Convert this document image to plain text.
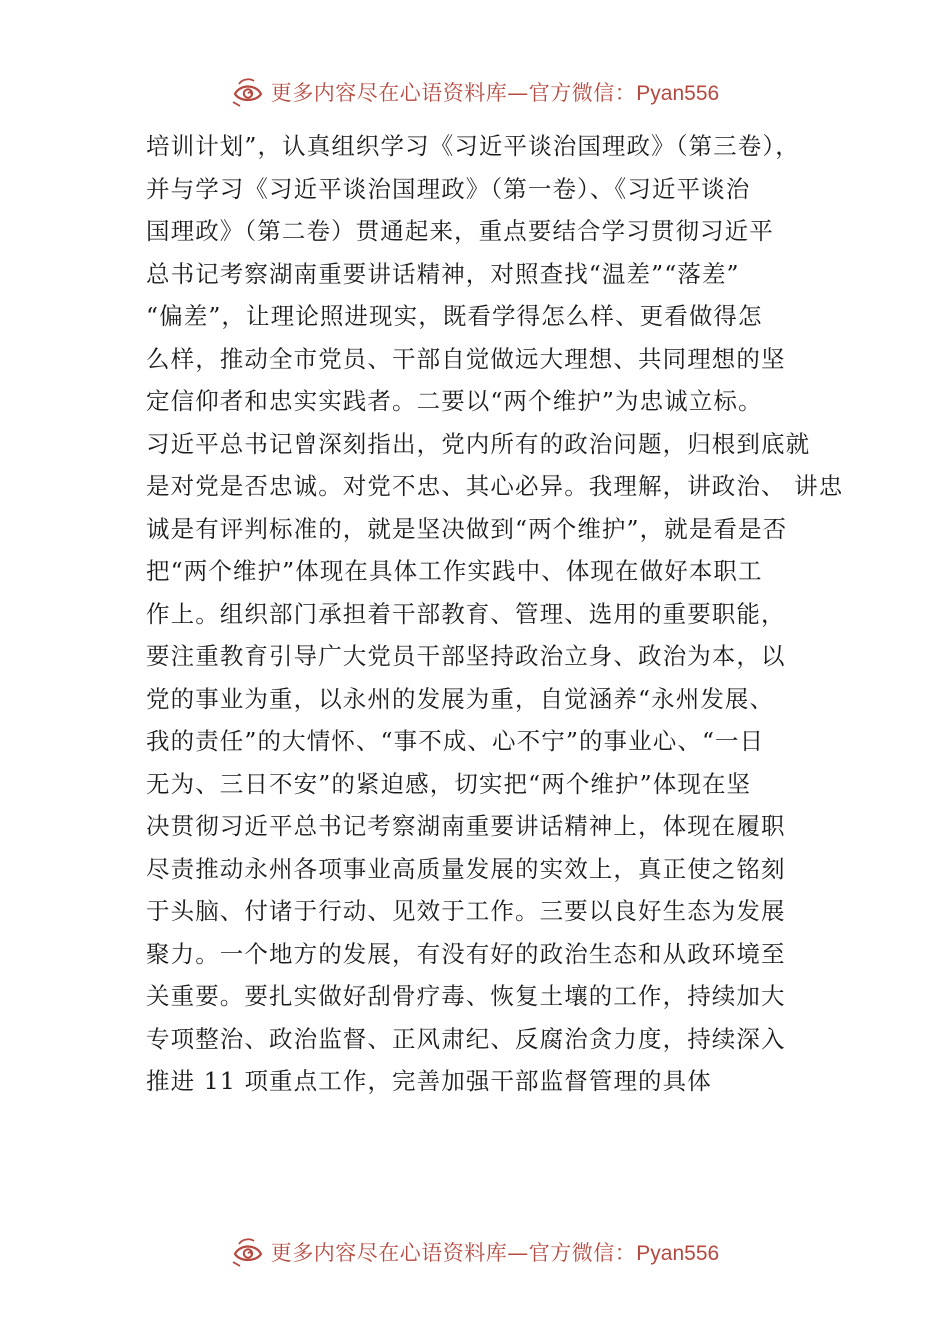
更多内容尽在心语资料库—官方微信：Pyan556
培训计划”，认真组织学习《习近平谈治国理政》（第三卷），
并与学习《习近平谈治国理政》（第一卷）、《习近平谈治
国理政》（第二卷）贯通起来，重点要结合学习贯彻习近平
总书记考察湖南重要讲话精神，对照查找“温差”“落差”
“偏差”，让理论照进现实，既看学得怎么样、更看做得怎
么样，推动全市党员、干部自觉做远大理想、共同理想的坚
定信仰者和忠实实践者。二要以“两个维护”为忠诚立标。
习近平总书记曾深刻指出，党内所有的政治问题，归根到底就
是对党是否忠诚。对党不忠、其心必异。我理解，讲政治、 讲忠
诚是有评判标准的，就是坚决做到“两个维护”，就是看是否
把“两个维护”体现在具体工作实践中、体现在做好本职工
作上。组织部门承担着干部教育、管理、选用的重要职能，
要注重教育引导广大党员干部坚持政治立身、政治为本，以
党的事业为重，以永州的发展为重，自觉涵养“永州发展、
我的责任”的大情怀、“事不成、心不宁”的事业心、“一日
无为、三日不安”的紧迫感，切实把“两个维护”体现在坚
决贯彻习近平总书记考察湖南重要讲话精神上，体现在履职
尽责推动永州各项事业高质量发展的实效上，真正使之铭刻
于头脑、付诸于行动、见效于工作。三要以良好生态为发展
聚力。一个地方的发展，有没有好的政治生态和从政环境至
关重要。要扎实做好刮骨疗毒、恢复土壤的工作，持续加大
专项整治、政治监督、正风肃纪、反腐治贪力度，持续深入
推进 11 项重点工作，完善加强干部监督管理的具体
更多内容尽在心语资料库—官方微信：Pyan556
